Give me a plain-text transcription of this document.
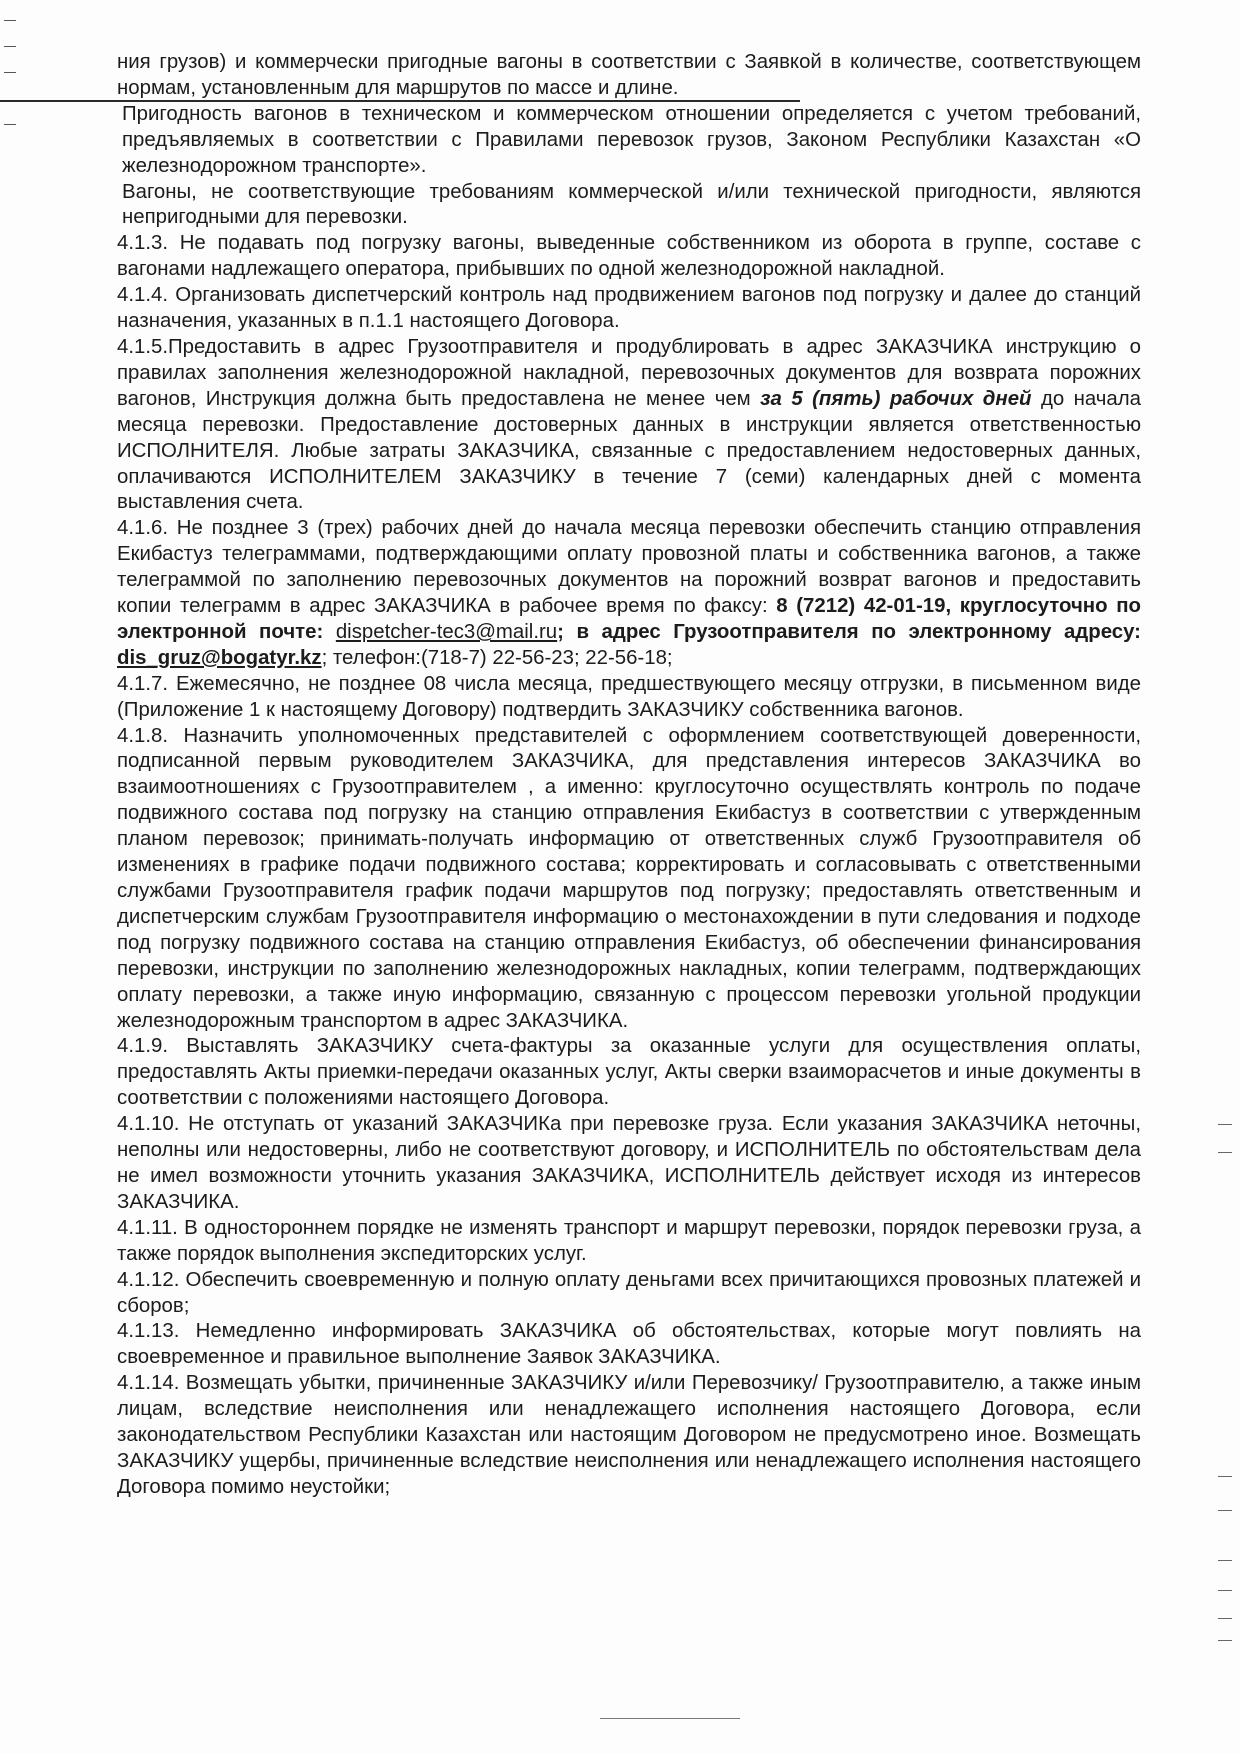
ния грузов) и коммерчески пригодные вагоны в соответствии с Заявкой в количестве, соответствующем нормам, установленным для маршрутов по массе и длине.

Пригодность вагонов в техническом и коммерческом отношении определяется с учетом требований, предъявляемых в соответствии с Правилами перевозок грузов, Законом Республики Казахстан «О железнодорожном транспорте».

Вагоны, не соответствующие требованиям коммерческой и/или технической пригодности, являются непригодными для перевозки.

4.1.3. Не подавать под погрузку вагоны, выведенные собственником из оборота в группе, составе с вагонами надлежащего оператора, прибывших по одной железнодорожной накладной.

4.1.4. Организовать диспетчерский контроль над продвижением вагонов под погрузку и далее до станций назначения, указанных в п.1.1 настоящего Договора.

4.1.5.Предоставить в адрес Грузоотправителя и продублировать в адрес ЗАКАЗЧИКА инструкцию о правилах заполнения железнодорожной накладной, перевозочных документов для возврата порожних вагонов, Инструкция должна быть предоставлена не менее чем за 5 (пять) рабочих дней до начала месяца перевозки. Предоставление достоверных данных в инструкции является ответственностью ИСПОЛНИТЕЛЯ. Любые затраты ЗАКАЗЧИКА, связанные с предоставлением недостоверных данных, оплачиваются ИСПОЛНИТЕЛЕМ ЗАКАЗЧИКУ в течение 7 (семи) календарных дней с момента выставления счета.

4.1.6. Не позднее 3 (трех) рабочих дней до начала месяца перевозки обеспечить станцию отправления Екибастуз телеграммами, подтверждающими оплату провозной платы и собственника вагонов, а также телеграммой по заполнению перевозочных документов на порожний возврат вагонов и предоставить копии телеграмм в адрес ЗАКАЗЧИКА в рабочее время по факсу: 8 (7212) 42-01-19, круглосуточно по электронной почте: dispetcher-tec3@mail.ru; в адрес Грузоотправителя по электронному адресу: dis_gruz@bogatyr.kz; телефон:(718-7) 22-56-23; 22-56-18;

4.1.7. Ежемесячно, не позднее 08 числа месяца, предшествующего месяцу отгрузки, в письменном виде (Приложение 1 к настоящему Договору) подтвердить ЗАКАЗЧИКУ собственника вагонов.

4.1.8. Назначить уполномоченных представителей с оформлением соответствующей доверенности, подписанной первым руководителем ЗАКАЗЧИКА, для представления интересов ЗАКАЗЧИКА во взаимоотношениях с Грузоотправителем , а именно: круглосуточно осуществлять контроль по подаче подвижного состава под погрузку на станцию отправления Екибастуз в соответствии с утвержденным планом перевозок; принимать-получать информацию от ответственных служб Грузоотправителя об изменениях в графике подачи подвижного состава; корректировать и согласовывать с ответственными службами Грузоотправителя график подачи маршрутов под погрузку; предоставлять ответственным и диспетчерским службам Грузоотправителя информацию о местонахождении в пути следования и подходе под погрузку подвижного состава на станцию отправления Екибастуз, об обеспечении финансирования перевозки, инструкции по заполнению железнодорожных накладных, копии телеграмм, подтверждающих оплату перевозки, а также иную информацию, связанную с процессом перевозки угольной продукции железнодорожным транспортом в адрес ЗАКАЗЧИКА.

4.1.9. Выставлять ЗАКАЗЧИКУ счета-фактуры за оказанные услуги для осуществления оплаты, предоставлять Акты приемки-передачи оказанных услуг, Акты сверки взаиморасчетов и иные документы в соответствии с положениями настоящего Договора.

4.1.10. Не отступать от указаний ЗАКАЗЧИКа при перевозке груза. Если указания ЗАКАЗЧИКА неточны, неполны или недостоверны, либо не соответствуют договору, и ИСПОЛНИТЕЛЬ по обстоятельствам дела не имел возможности уточнить указания ЗАКАЗЧИКА, ИСПОЛНИТЕЛЬ действует исходя из интересов ЗАКАЗЧИКА.

4.1.11. В одностороннем порядке не изменять транспорт и маршрут перевозки, порядок перевозки груза, а также порядок выполнения экспедиторских услуг.

4.1.12. Обеспечить своевременную и полную оплату деньгами всех причитающихся провозных платежей и сборов;

4.1.13. Немедленно информировать ЗАКАЗЧИКА об обстоятельствах, которые могут повлиять на своевременное и правильное выполнение Заявок ЗАКАЗЧИКА.

4.1.14. Возмещать убытки, причиненные ЗАКАЗЧИКУ и/или Перевозчику/ Грузоотправителю, а также иным лицам, вследствие неисполнения или ненадлежащего исполнения настоящего Договора, если законодательством Республики Казахстан или настоящим Договором не предусмотрено иное. Возмещать ЗАКАЗЧИКУ ущербы, причиненные вследствие неисполнения или ненадлежащего исполнения настоящего Договора помимо неустойки;
